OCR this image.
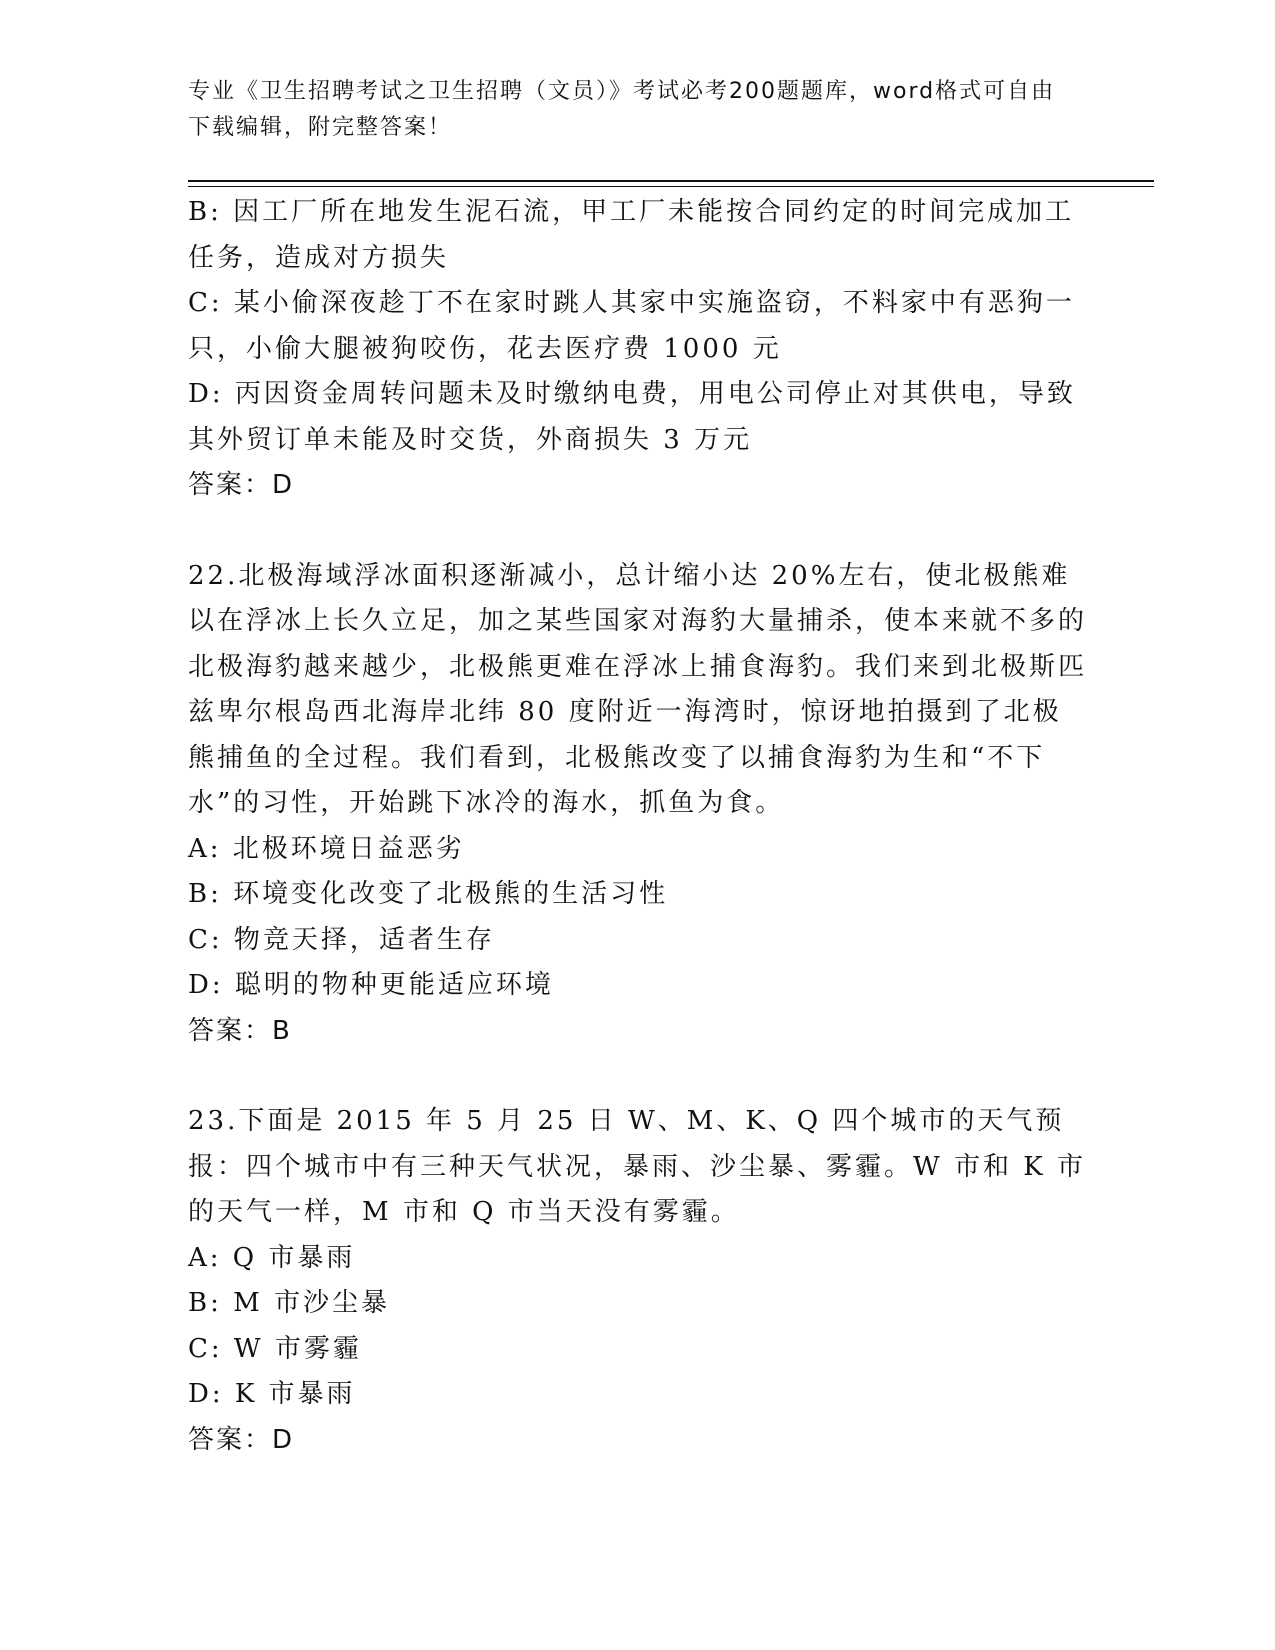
专业《卫生招聘考试之卫生招聘（文员）》考试必考200题题库，word格式可自由下载编辑，附完整答案！

B: 因工厂所在地发生泥石流，甲工厂未能按合同约定的时间完成加工任务，造成对方损失

C: 某小偷深夜趁丁不在家时跳人其家中实施盗窃，不料家中有恶狗一只，小偷大腿被狗咬伤，花去医疗费 1000 元

D: 丙因资金周转问题未及时缴纳电费，用电公司停止对其供电，导致其外贸订单未能及时交货，外商损失 3 万元

答案：D

22.北极海域浮冰面积逐渐减小，总计缩小达 20%左右，使北极熊难以在浮冰上长久立足，加之某些国家对海豹大量捕杀，使本来就不多的北极海豹越来越少，北极熊更难在浮冰上捕食海豹。我们来到北极斯匹兹卑尔根岛西北海岸北纬 80 度附近一海湾时，惊讶地拍摄到了北极熊捕鱼的全过程。我们看到，北极熊改变了以捕食海豹为生和“不下水”的习性，开始跳下冰冷的海水，抓鱼为食。

A: 北极环境日益恶劣

B: 环境变化改变了北极熊的生活习性

C: 物竞天择，适者生存

D: 聪明的物种更能适应环境

答案：B

23.下面是 2015 年 5 月 25 日 W、M、K、Q 四个城市的天气预报：四个城市中有三种天气状况，暴雨、沙尘暴、雾霾。W 市和 K 市的天气一样，M 市和 Q 市当天没有雾霾。

A: Q 市暴雨

B: M 市沙尘暴

C: W 市雾霾

D: K 市暴雨

答案：D
